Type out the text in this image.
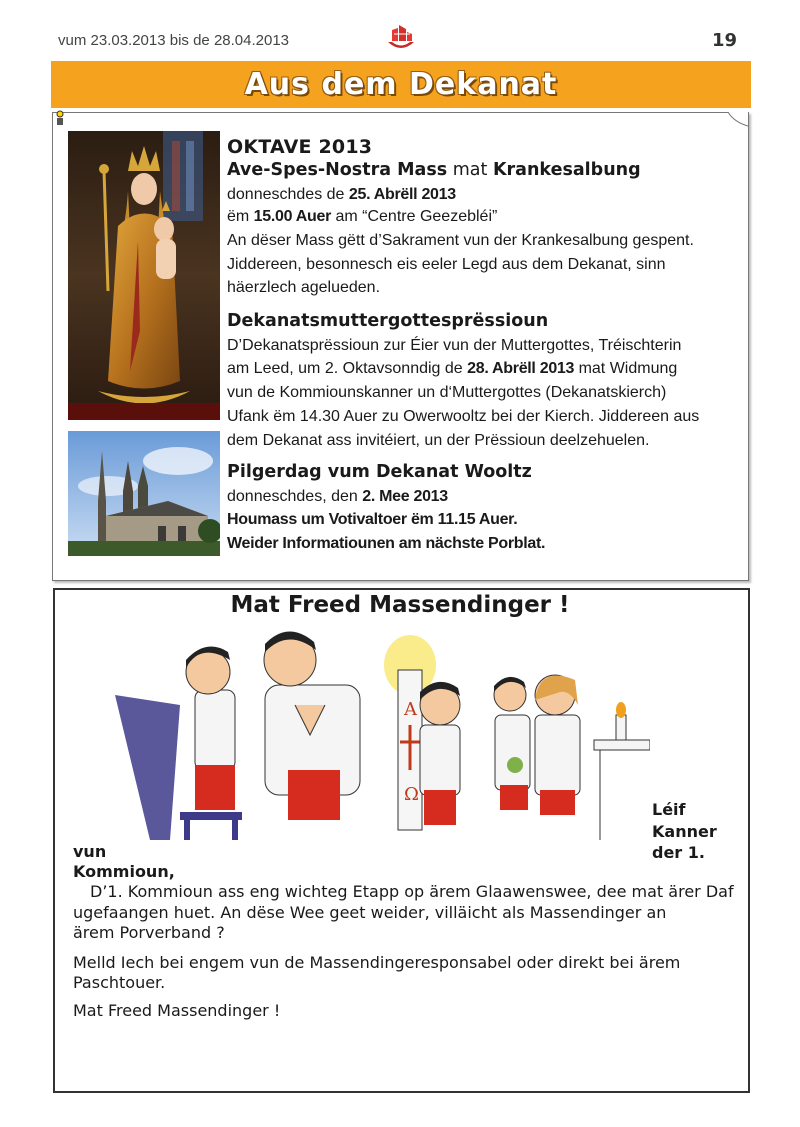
vum 23.03.2013 bis de 28.04.2013	19
Aus dem Dekanat
OKTAVE 2013
Ave-Spes-Nostra Mass mat Krankesalbung
donneschdes de 25. Abrëll 2013
ëm 15.00 Auer am “Centre Geezebléi”
An dëser Mass gëtt d’Sakrament vun der Krankesalbung gespent.
Jiddereen, besonnesch eis eeler Legd aus dem Dekanat, sinn
häerzlech agelueden.
Dekanatsmuttergottesprëssioun
D’Dekanatsprëssioun zur Éier vun der Muttergottes, Tréischterin
am Leed, um 2. Oktavsonndig de 28. Abrëll 2013 mat Widmung
vun de Kommiounskanner un d‘Muttergottes (Dekanatskierch)
Ufank ëm 14.30 Auer zu Owerwooltz bei der Kierch. Jiddereen aus
dem Dekanat ass invitéiert, un der Prëssioun deelzehuelen.
Pilgerdag vum Dekanat Wooltz
donneschdes, den 2. Mee 2013
Houmass um Votivaltoer ëm 11.15 Auer.
Weider Informatiounen am nächste Porblat.
Mat Freed Massendinger !
A
Ω
Léif
Kanner
der 1.
vun
Kommioun,
D’1. Kommioun ass eng wichteg Etapp op ärem Glaawenswee, dee mat ärer Daf
ugefaangen huet. An dëse Wee geet weider, villäicht als Massendinger an
ärem Porverband ?
Melld Iech bei engem vun de Massendingeresponsabel oder direkt bei ärem
Paschtouer.
Mat Freed Massendinger !
